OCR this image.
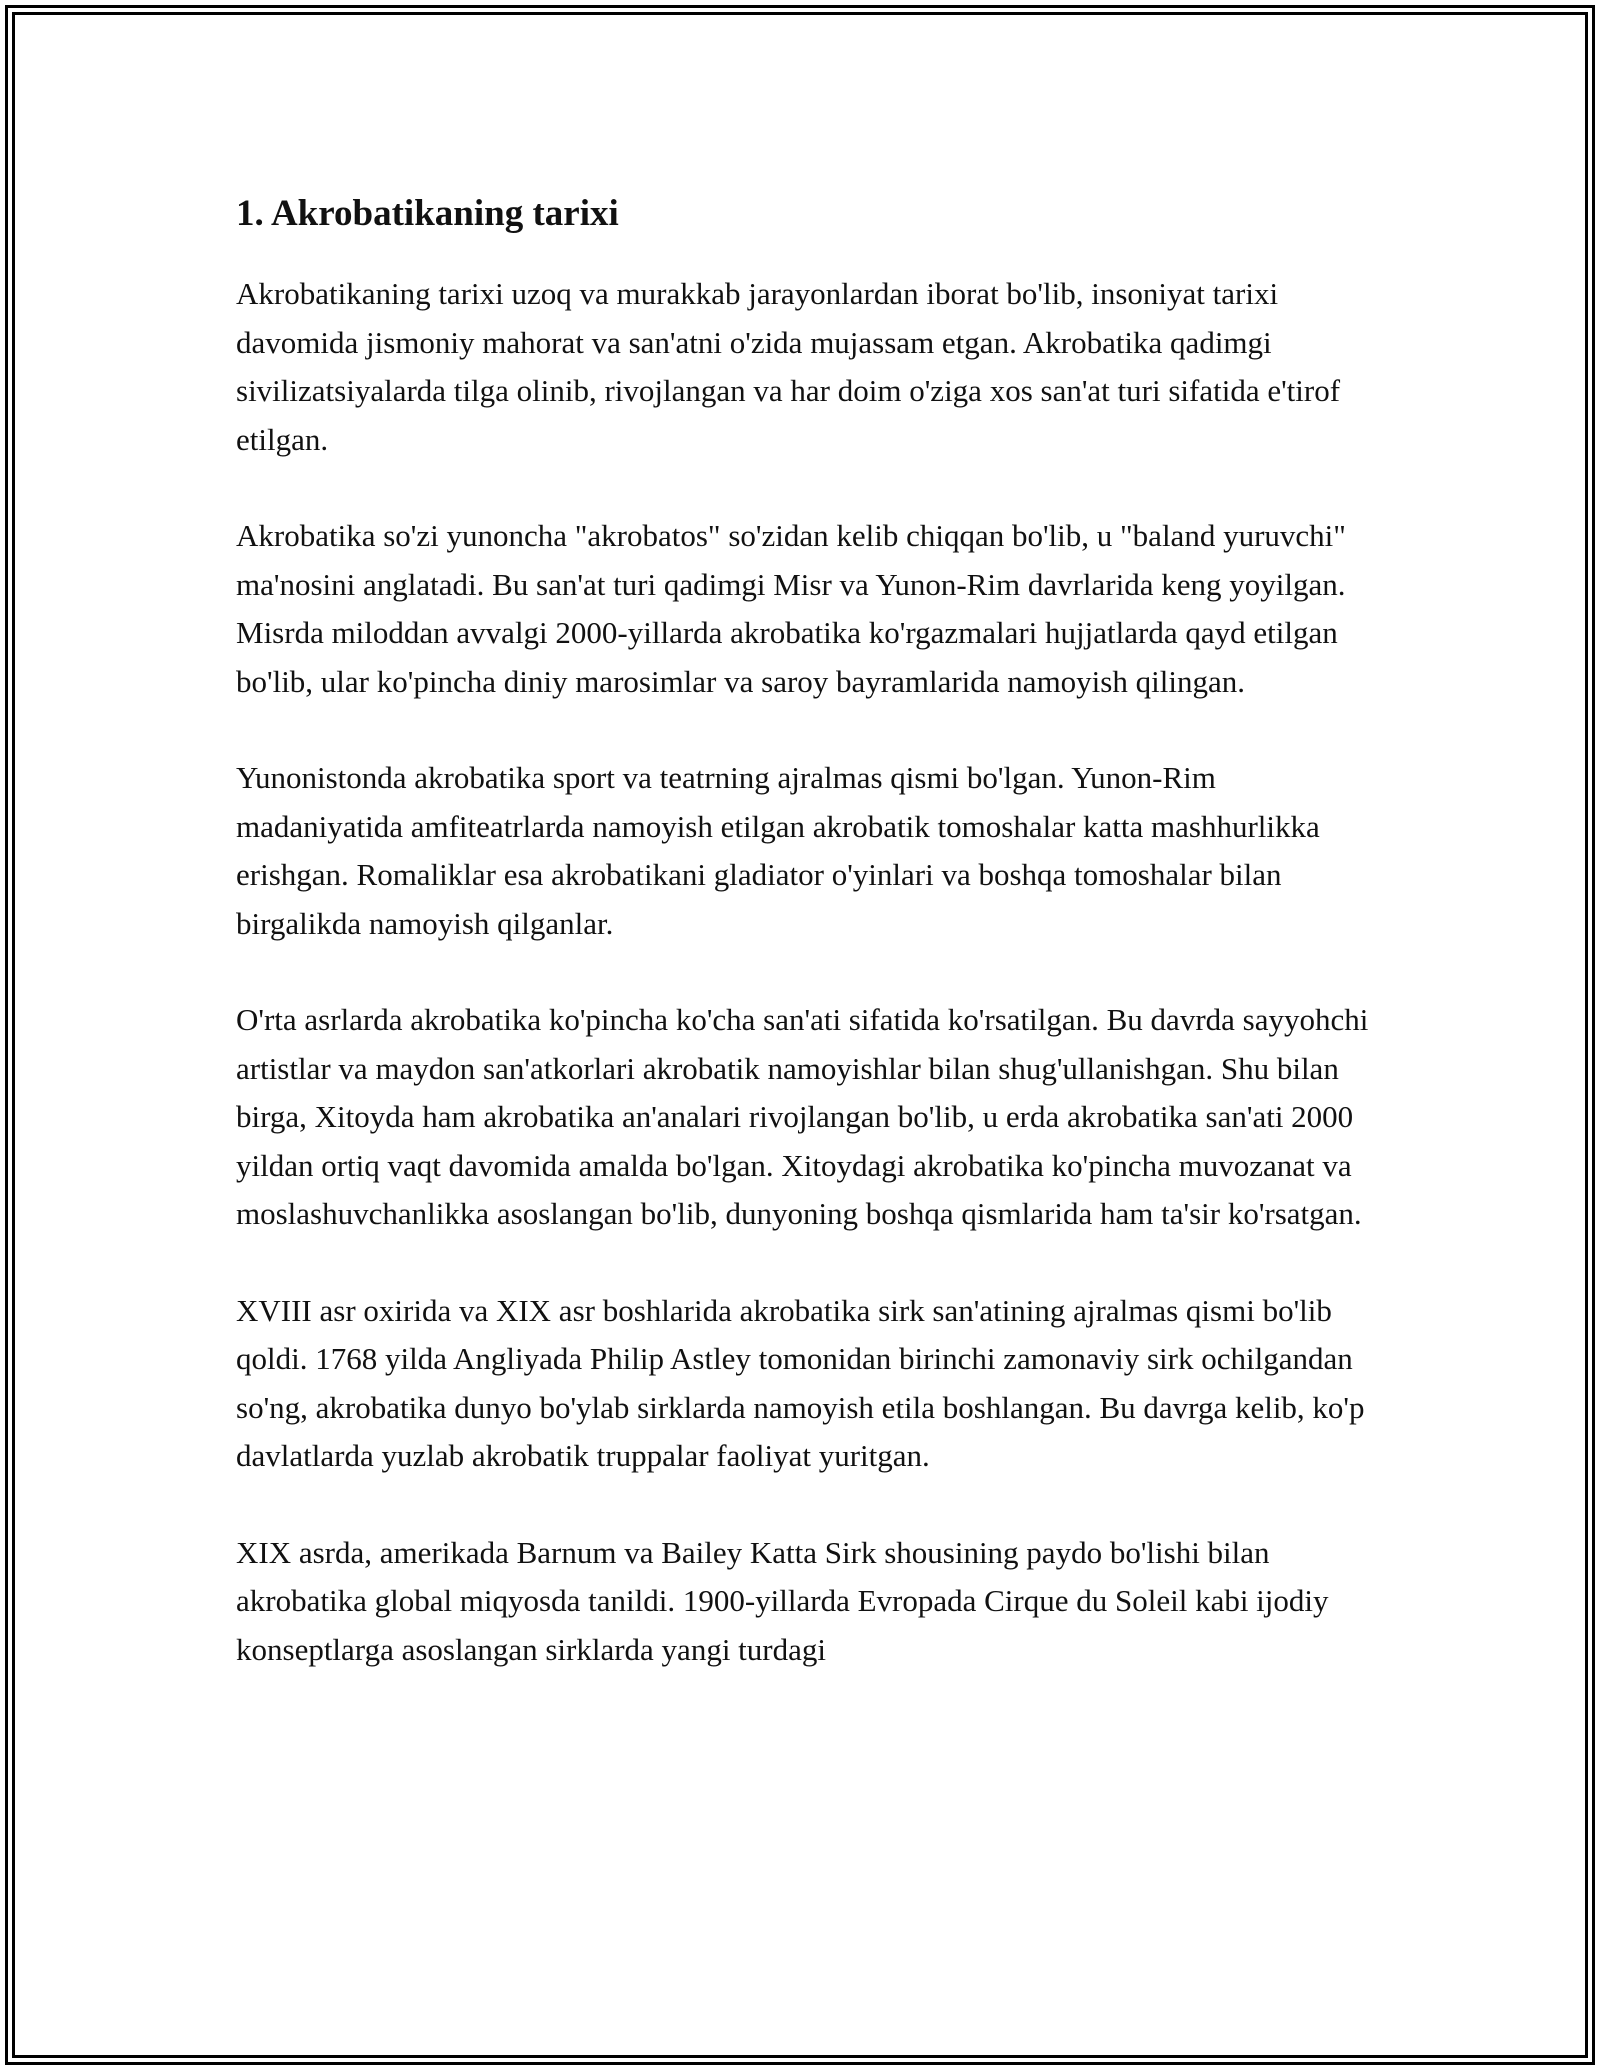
1. Akrobatikaning tarixi

Akrobatikaning tarixi uzoq va murakkab jarayonlardan iborat bo'lib, insoniyat tarixi davomida jismoniy mahorat va san'atni o'zida mujassam etgan. Akrobatika qadimgi sivilizatsiyalarda tilga olinib, rivojlangan va har doim o'ziga xos san'at turi sifatida e'tirof etilgan.

Akrobatika so'zi yunoncha "akrobatos" so'zidan kelib chiqqan bo'lib, u "baland yuruvchi" ma'nosini anglatadi. Bu san'at turi qadimgi Misr va Yunon-Rim davrlarida keng yoyilgan. Misrda miloddan avvalgi 2000-yillarda akrobatika ko'rgazmalari hujjatlarda qayd etilgan bo'lib, ular ko'pincha diniy marosimlar va saroy bayramlarida namoyish qilingan.

Yunonistonda akrobatika sport va teatrning ajralmas qismi bo'lgan. Yunon-Rim madaniyatida amfiteatrlarda namoyish etilgan akrobatik tomoshalar katta mashhurlikka erishgan. Romaliklar esa akrobatikani gladiator o'yinlari va boshqa tomoshalar bilan birgalikda namoyish qilganlar.

O'rta asrlarda akrobatika ko'pincha ko'cha san'ati sifatida ko'rsatilgan. Bu davrda sayyohchi artistlar va maydon san'atkorlari akrobatik namoyishlar bilan shug'ullanishgan. Shu bilan birga, Xitoyda ham akrobatika an'analari rivojlangan bo'lib, u erda akrobatika san'ati 2000 yildan ortiq vaqt davomida amalda bo'lgan. Xitoydagi akrobatika ko'pincha muvozanat va moslashuvchanlikka asoslangan bo'lib, dunyoning boshqa qismlarida ham ta'sir ko'rsatgan.

XVIII asr oxirida va XIX asr boshlarida akrobatika sirk san'atining ajralmas qismi bo'lib qoldi. 1768 yilda Angliyada Philip Astley tomonidan birinchi zamonaviy sirk ochilgandan so'ng, akrobatika dunyo bo'ylab sirklarda namoyish etila boshlangan. Bu davrga kelib, ko'p davlatlarda yuzlab akrobatik truppalar faoliyat yuritgan.

XIX asrda, amerikada Barnum va Bailey Katta Sirk shousining paydo bo'lishi bilan akrobatika global miqyosda tanildi. 1900-yillarda Evropada Cirque du Soleil kabi ijodiy konseptlarga asoslangan sirklarda yangi turdagi
